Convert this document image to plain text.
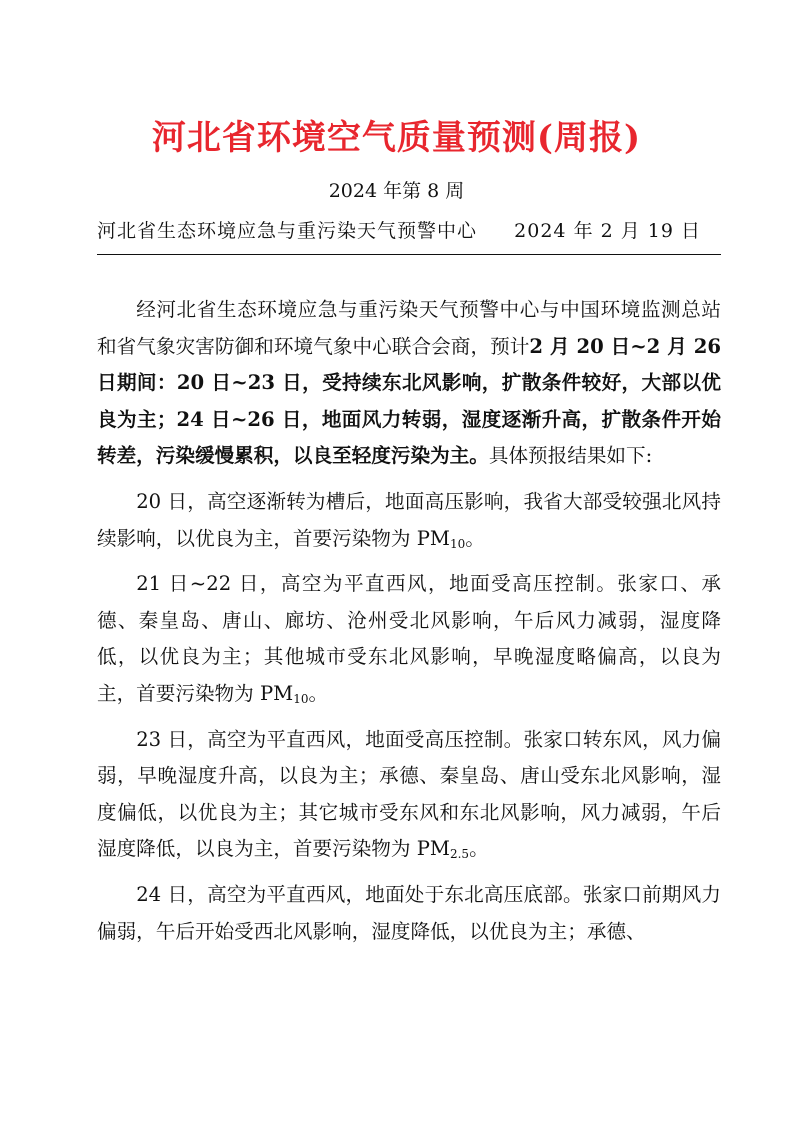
河北省环境空气质量预测(周报)
2024 年第 8 周
河北省生态环境应急与重污染天气预警中心 2024 年 2 月 19 日

经河北省生态环境应急与重污染天气预警中心与中国环境监测总站和省气象灾害防御和环境气象中心联合会商，预计2 月 20 日~2 月 26 日期间：20 日~23 日，受持续东北风影响，扩散条件较好，大部以优良为主；24 日~26 日，地面风力转弱，湿度逐渐升高，扩散条件开始转差，污染缓慢累积，以良至轻度污染为主。具体预报结果如下:

20 日，高空逐渐转为槽后，地面高压影响，我省大部受较强北风持续影响，以优良为主，首要污染物为 $PM_{10}$。

21 日~22 日，高空为平直西风，地面受高压控制。张家口、承德、秦皇岛、唐山、廊坊、沧州受北风影响，午后风力减弱，湿度降低，以优良为主；其他城市受东北风影响，早晚湿度略偏高，以良为主，首要污染物为 $PM_{10}$。

23 日，高空为平直西风，地面受高压控制。张家口转东风，风力偏弱，早晚湿度升高，以良为主；承德、秦皇岛、唐山受东北风影响，湿度偏低，以优良为主；其它城市受东风和东北风影响，风力减弱，午后湿度降低，以良为主，首要污染物为 $PM_{2.5}$。

24 日，高空为平直西风，地面处于东北高压底部。张家口前期风力偏弱，午后开始受西北风影响，湿度降低，以优良为主；承德、
